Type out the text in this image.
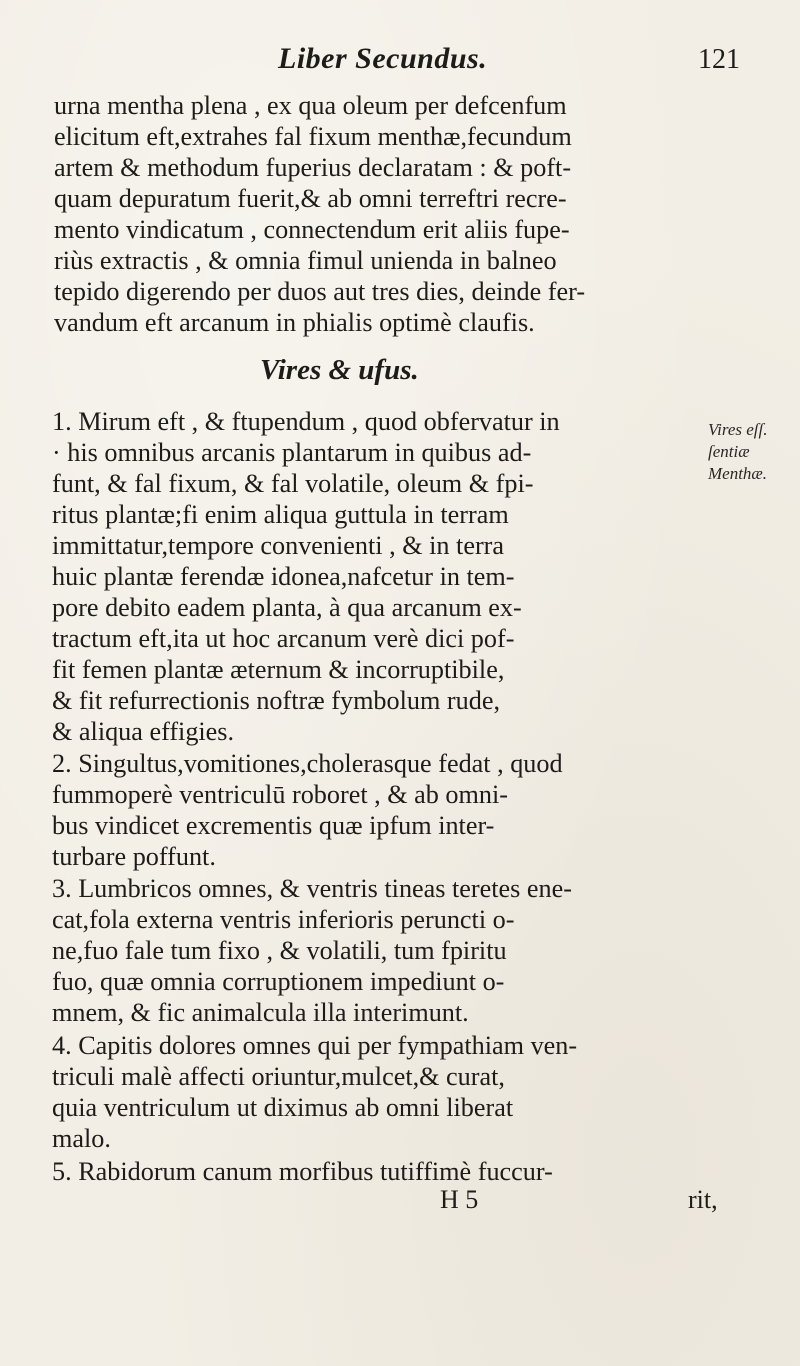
Liber Secundus.	121
urna mentha plena , ex qua oleum per defcenfum
elicitum eft,extrahes fal fixum menthæ,fecundum
artem & methodum fuperius declaratam : & poft-
quam depuratum fuerit,& ab omni terreftri recre-
mento vindicatum , connectendum erit aliis fupe-
riùs extractis , & omnia fimul unienda in balneo
tepido digerendo per duos aut tres dies, deinde fer-
vandum eft arcanum in phialis optimè claufis.
Vires & ufus.
1. Mirum eft , & ftupendum , quod obfervatur in
· his omnibus arcanis plantarum in quibus ad-
funt, & fal fixum, & fal volatile, oleum & fpi-
ritus plantæ;fi enim aliqua guttula in terram
immittatur,tempore convenienti , & in terra
huic plantæ ferendæ idonea,nafcetur in tem-
pore debito eadem planta, à qua arcanum ex-
tractum eft,ita ut hoc arcanum verè dici pof-
fit femen plantæ æternum & incorruptibile,
& fit refurrectionis noftræ fymbolum rude,
& aliqua effigies.
2. Singultus,vomitiones,cholerasque fedat , quod
fummoperè ventriculū roboret , & ab omni-
bus vindicet excrementis quæ ipfum inter-
turbare poffunt.
3. Lumbricos omnes, & ventris tineas teretes ene-
cat,fola externa ventris inferioris peruncti o-
ne,fuo fale tum fixo , & volatili, tum fpiritu
fuo, quæ omnia corruptionem impediunt o-
mnem, & fic animalcula illa interimunt.
4. Capitis dolores omnes qui per fympathiam ven-
triculi malè affecti oriuntur,mulcet,& curat,
quia ventriculum ut diximus ab omni liberat
malo.
5. Rabidorum canum morfibus tutiffimè fuccur-
Vires eſſ.
ſentiæ
Menthæ.
H 5	rit,
